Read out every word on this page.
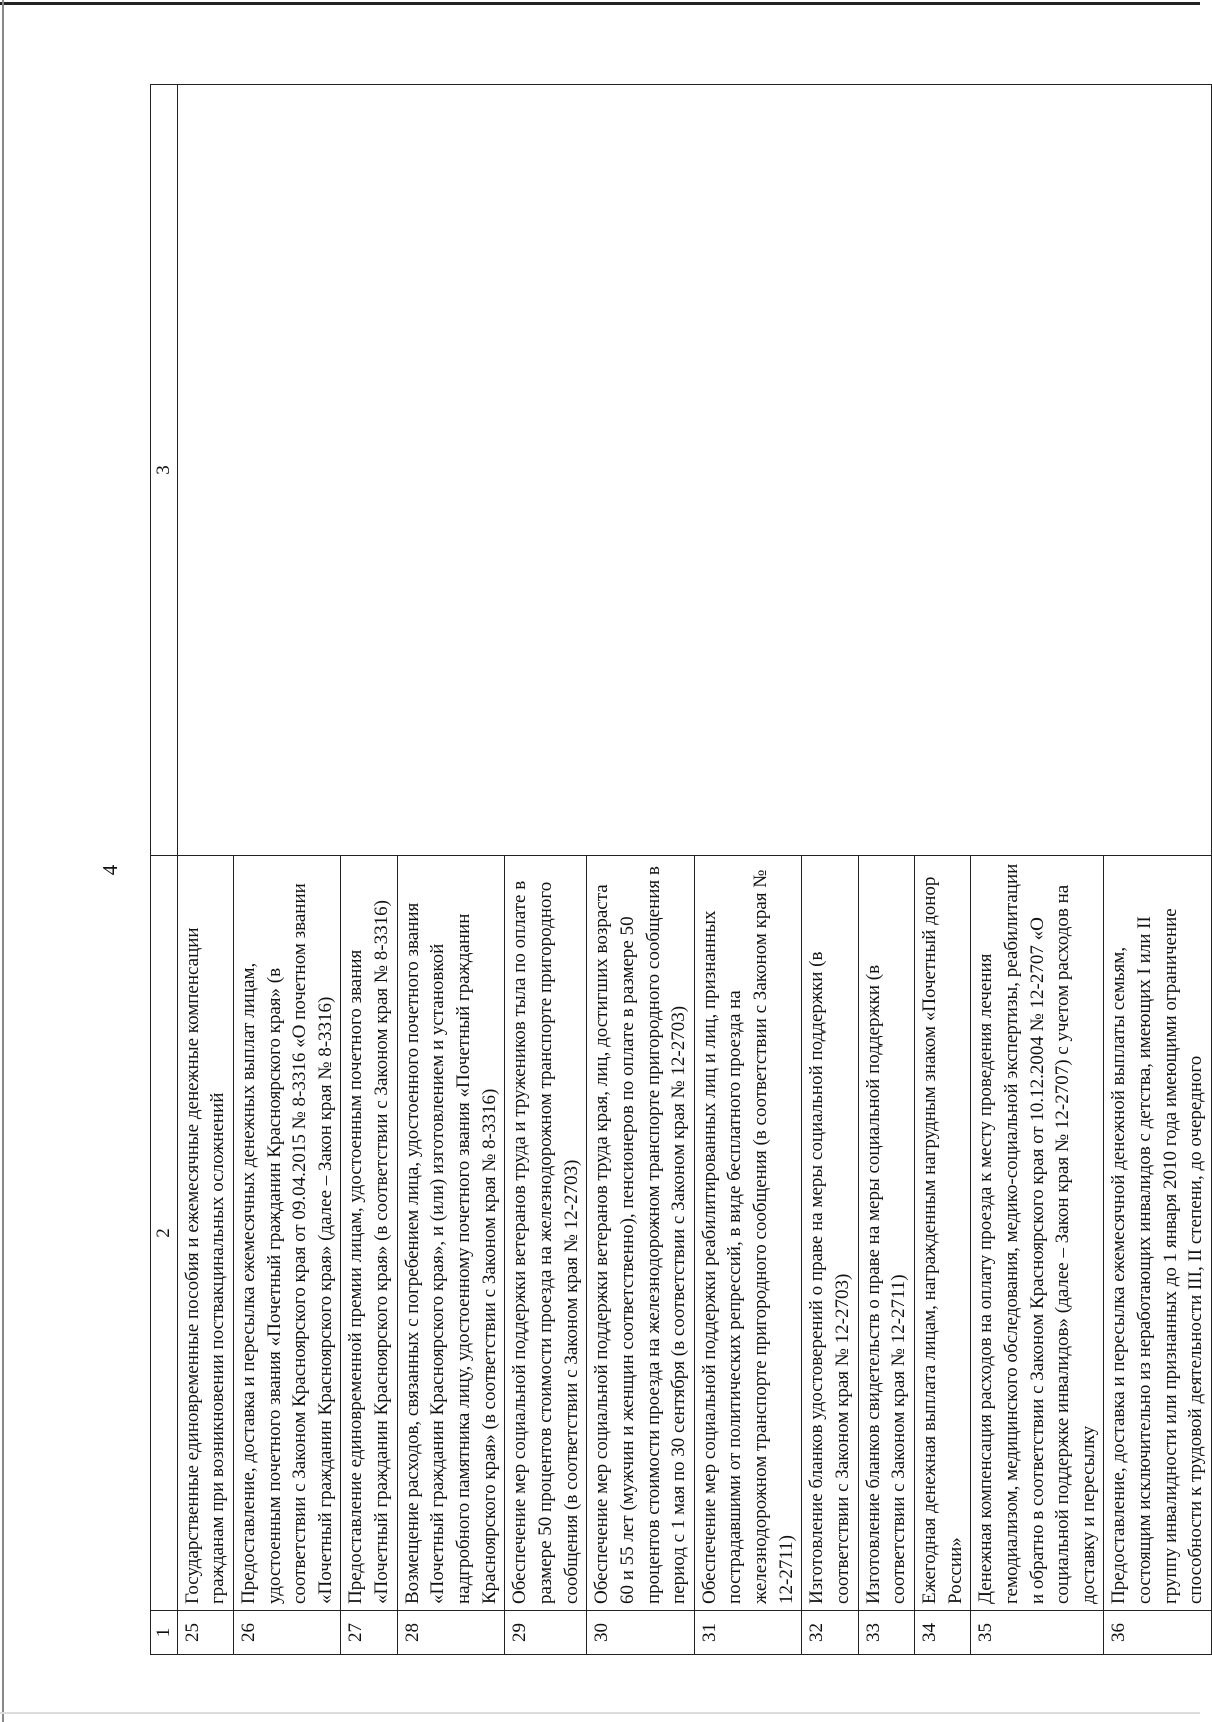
4
1	2	3
25	Государственные единовременные пособия и ежемесячные денежные компенсации гражданам при возникновении поствакцинальных осложнений	
26	Предоставление, доставка и пересылка ежемесячных денежных выплат лицам, удостоенным почетного звания «Почетный гражданин Красноярского края» (в соответствии с Законом Красноярского края от 09.04.2015 № 8-3316 «О почетном звании «Почетный гражданин Красноярского края» (далее – Закон края № 8-3316)	
27	Предоставление единовременной премии лицам, удостоенным почетного звания «Почетный гражданин Красноярского края» (в соответствии с Законом края № 8-3316)	
28	Возмещение расходов, связанных с погребением лица, удостоенного почетного звания «Почетный гражданин Красноярского края», и (или) изготовлением и установкой надгробного памятника лицу, удостоенному почетного звания «Почетный гражданин Красноярского края» (в соответствии с Законом края № 8-3316)	
29	Обеспечение мер социальной поддержки ветеранов труда и тружеников тыла по оплате в размере 50 процентов стоимости проезда на железнодорожном транспорте пригородного сообщения (в соответствии с Законом края № 12-2703)	
30	Обеспечение мер социальной поддержки ветеранов труда края, лиц, достигших возраста 60 и 55 лет (мужчин и женщин соответственно), пенсионеров по оплате в размере 50 процентов стоимости проезда на железнодорожном транспорте пригородного сообщения в период с 1 мая по 30 сентября (в соответствии с Законом края № 12-2703)	
31	Обеспечение мер социальной поддержки реабилитированных лиц и лиц, признанных пострадавшими от политических репрессий, в виде бесплатного проезда на железнодорожном транспорте пригородного сообщения (в соответствии с Законом края № 12-2711)	
32	Изготовление бланков удостоверений о праве на меры социальной поддержки (в соответствии с Законом края № 12-2703)	
33	Изготовление бланков свидетельств о праве на меры социальной поддержки (в соответствии с Законом края № 12-2711)	
34	Ежегодная денежная выплата лицам, награжденным нагрудным знаком «Почетный донор России»	
35	Денежная компенсация расходов на оплату проезда к месту проведения лечения гемодиализом, медицинского обследования, медико-социальной экспертизы, реабилитации и обратно в соответствии с Законом Красноярского края от 10.12.2004 № 12-2707 «О социальной поддержке инвалидов» (далее – Закон края № 12-2707) с учетом расходов на доставку и пересылку	
36	Предоставление, доставка и пересылка ежемесячной денежной выплаты семьям, состоящим исключительно из неработающих инвалидов с детства, имеющих I или II группу инвалидности или признанных до 1 января 2010 года имеющими ограничение способности к трудовой деятельности III, II степени, до очередного	
